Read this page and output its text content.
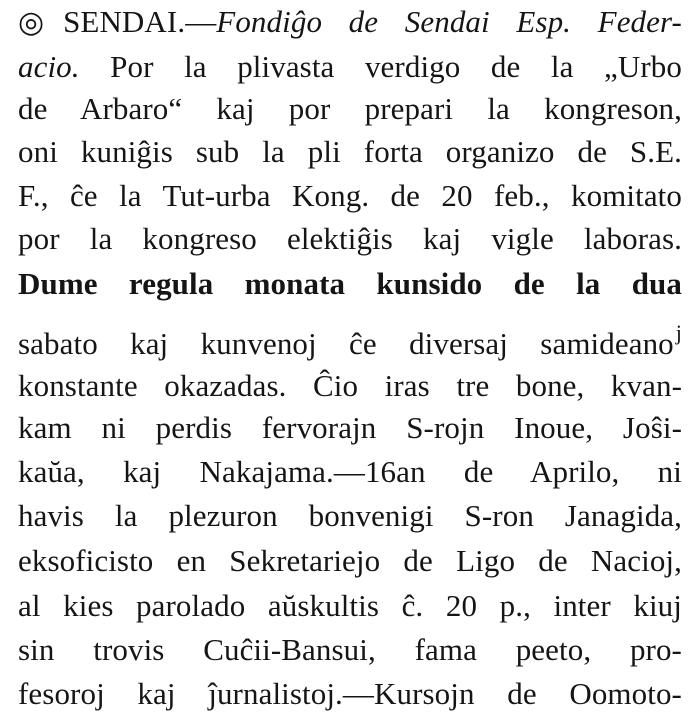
◎SENDAI.—Fondiĝo de Sendai Esp. Feder-
acio. Por la plivasta verdigo de la „Urbo
de Arbaro“ kaj por prepari la kongreson,
oni kuniĝis sub la pli forta organizo de S.E.
F., ĉe la Tut-urba Kong. de 20 feb., komitato
por la kongreso elektiĝis kaj vigle laboras.
Dume regula monata kunsido de la dua
sabato kaj kunvenoj ĉe diversaj samideano$^j$
konstante okazadas. Ĉio iras tre bone, kvan-
kam ni perdis fervorajn S-rojn Inoue, Joŝi-
kaŭa, kaj Nakajama.—16an de Aprilo, ni
havis la plezuron bonvenigi S-ron Janagida,
eksoficisto en Sekretariejo de Ligo de Nacioj,
al kies parolado aŭskultis ĉ. 20 p., inter kiuj
sin trovis Cuĉii-Bansui, fama peeto, pro-
fesoroj kaj ĵurnalistoj.—Kursojn de Oomoto-
